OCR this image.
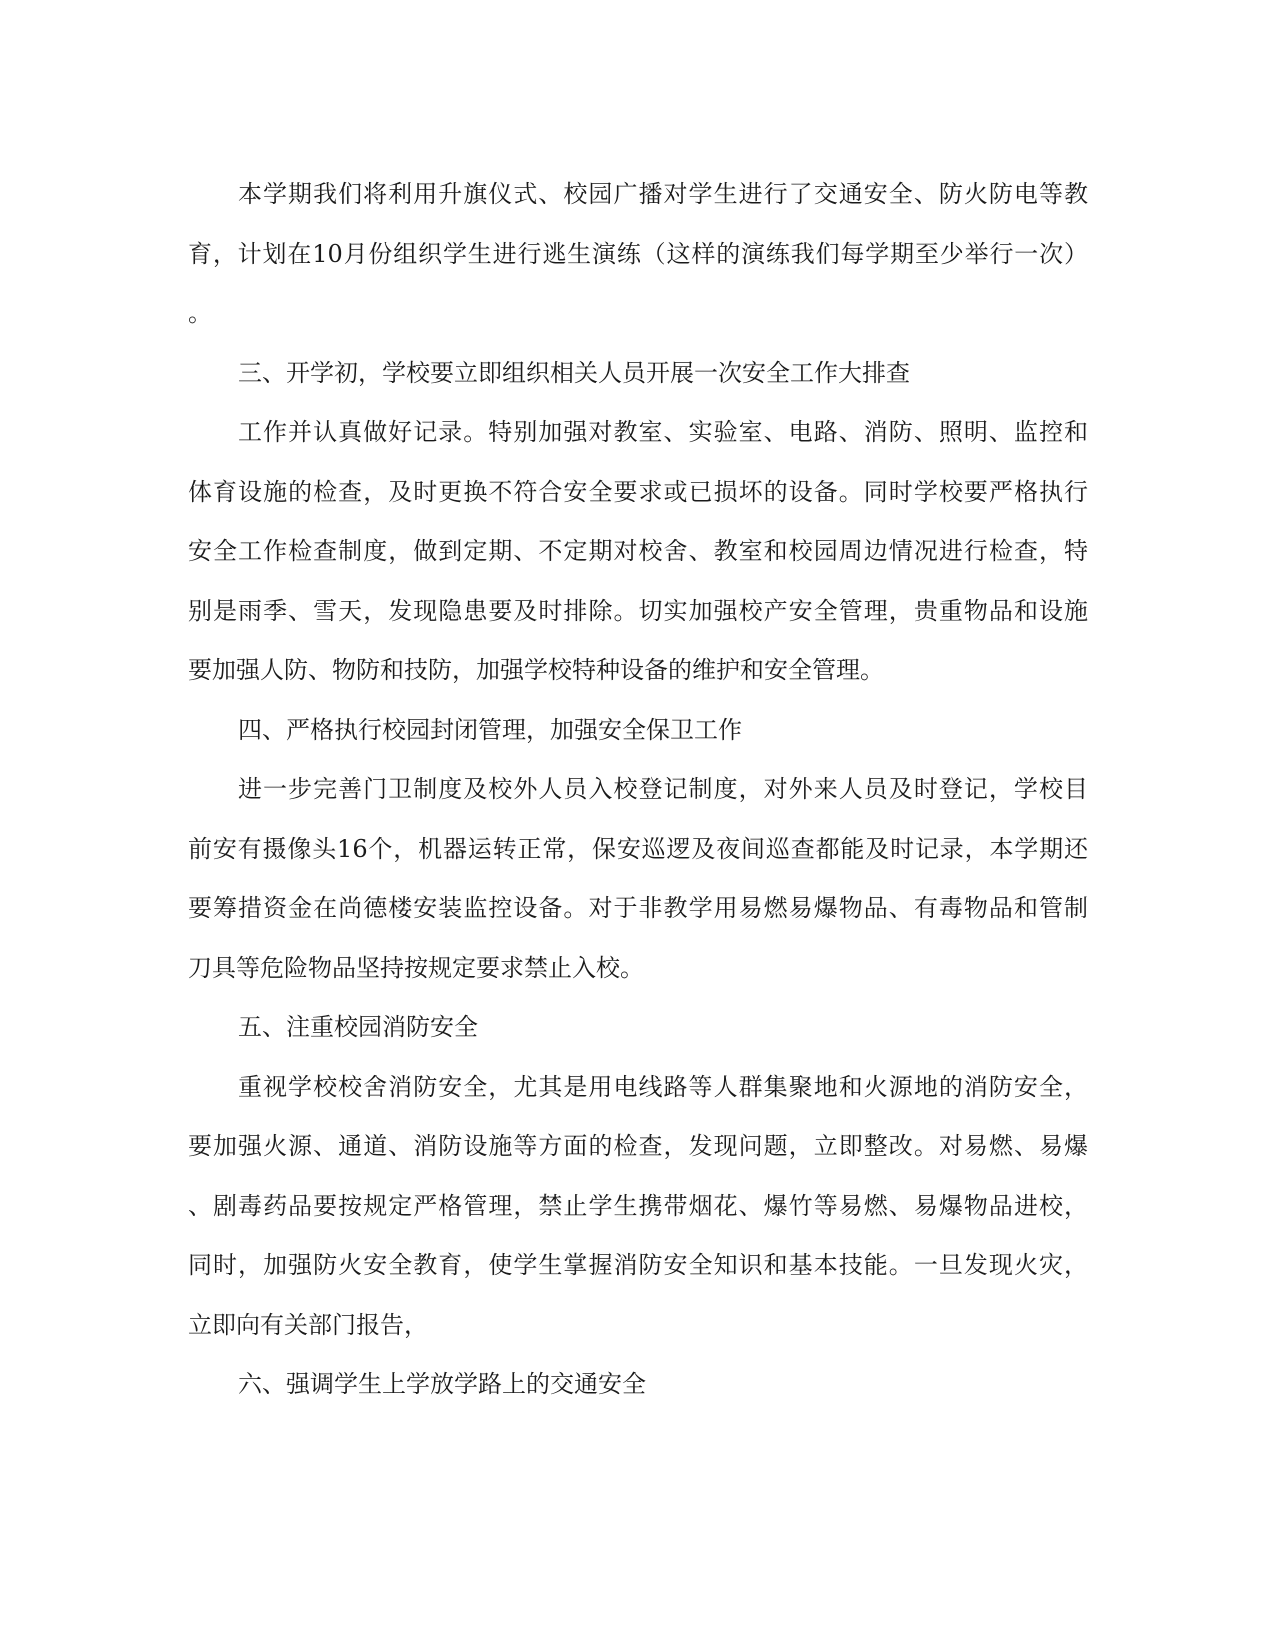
本学期我们将利用升旗仪式、校园广播对学生进行了交通安全、防火防电等教
育，计划在10月份组织学生进行逃生演练（这样的演练我们每学期至少举行一次）
。
三、开学初，学校要立即组织相关人员开展一次安全工作大排查
工作并认真做好记录。特别加强对教室、实验室、电路、消防、照明、监控和
体育设施的检查，及时更换不符合安全要求或已损坏的设备。同时学校要严格执行
安全工作检查制度，做到定期、不定期对校舍、教室和校园周边情况进行检查，特
别是雨季、雪天，发现隐患要及时排除。切实加强校产安全管理，贵重物品和设施
要加强人防、物防和技防，加强学校特种设备的维护和安全管理。
四、严格执行校园封闭管理，加强安全保卫工作
进一步完善门卫制度及校外人员入校登记制度，对外来人员及时登记，学校目
前安有摄像头16个，机器运转正常，保安巡逻及夜间巡查都能及时记录，本学期还
要筹措资金在尚德楼安装监控设备。对于非教学用易燃易爆物品、有毒物品和管制
刀具等危险物品坚持按规定要求禁止入校。
五、注重校园消防安全
重视学校校舍消防安全，尤其是用电线路等人群集聚地和火源地的消防安全，
要加强火源、通道、消防设施等方面的检查，发现问题，立即整改。对易燃、易爆
、剧毒药品要按规定严格管理，禁止学生携带烟花、爆竹等易燃、易爆物品进校，
同时，加强防火安全教育，使学生掌握消防安全知识和基本技能。一旦发现火灾，
立即向有关部门报告，
六、强调学生上学放学路上的交通安全
